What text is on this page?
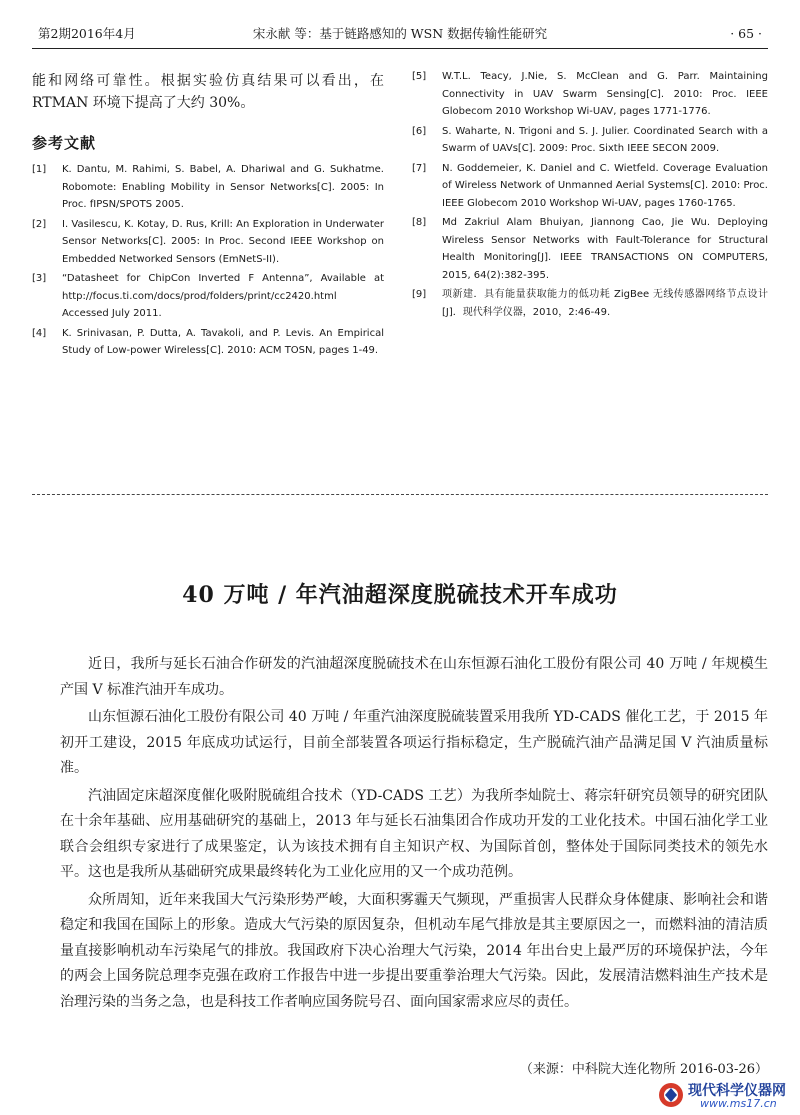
第2期2016年4月	宋永献 等：基于链路感知的 WSN 数据传输性能研究	· 65 ·

能和网络可靠性。根据实验仿真结果可以看出，在 RTMAN 环境下提高了大约 30%。

参考文献
[1] K. Dantu, M. Rahimi, S. Babel, A. Dhariwal and G. Sukhatme. Robomote: Enabling Mobility in Sensor Networks[C]. 2005: In Proc. fIPSN/SPOTS 2005.
[2] I. Vasilescu, K. Kotay, D. Rus, Krill: An Exploration in Underwater Sensor Networks[C]. 2005: In Proc. Second IEEE Workshop on Embedded Networked Sensors (EmNetS-II).
[3] “Datasheet for ChipCon Inverted F Antenna”, Available at http://focus.ti.com/docs/prod/folders/print/cc2420.html Accessed July 2011.
[4] K. Srinivasan, P. Dutta, A. Tavakoli, and P. Levis. An Empirical Study of Low-power Wireless[C]. 2010: ACM TOSN, pages 1-49.
[5] W.T.L. Teacy, J.Nie, S. McClean and G. Parr. Maintaining Connectivity in UAV Swarm Sensing[C]. 2010: Proc. IEEE Globecom 2010 Workshop Wi-UAV, pages 1771-1776.
[6] S. Waharte, N. Trigoni and S. J. Julier. Coordinated Search with a Swarm of UAVs[C]. 2009: Proc. Sixth IEEE SECON 2009.
[7] N. Goddemeier, K. Daniel and C. Wietfeld. Coverage Evaluation of Wireless Network of Unmanned Aerial Systems[C]. 2010: Proc. IEEE Globecom 2010 Workshop Wi-UAV, pages 1760-1765.
[8] Md Zakriul Alam Bhuiyan, Jiannong Cao, Jie Wu. Deploying Wireless Sensor Networks with Fault-Tolerance for Structural Health Monitoring[J]. IEEE TRANSACTIONS ON COMPUTERS, 2015, 64(2):382-395.
[9] 项新建．具有能量获取能力的低功耗 ZigBee 无线传感器网络节点设计 [J]．现代科学仪器，2010，2:46-49.
40 万吨 / 年汽油超深度脱硫技术开车成功

近日，我所与延长石油合作研发的汽油超深度脱硫技术在山东恒源石油化工股份有限公司 40 万吨 / 年规模生产国 V 标准汽油开车成功。

山东恒源石油化工股份有限公司 40 万吨 / 年重汽油深度脱硫装置采用我所 YD-CADS 催化工艺，于 2015 年初开工建设，2015 年底成功试运行，目前全部装置各项运行指标稳定，生产脱硫汽油产品满足国 V 汽油质量标准。

汽油固定床超深度催化吸附脱硫组合技术（YD-CADS 工艺）为我所李灿院士、蒋宗轩研究员领导的研究团队在十余年基础、应用基础研究的基础上，2013 年与延长石油集团合作成功开发的工业化技术。中国石油化学工业联合会组织专家进行了成果鉴定，认为该技术拥有自主知识产权、为国际首创，整体处于国际同类技术的领先水平。这也是我所从基础研究成果最终转化为工业化应用的又一个成功范例。

众所周知，近年来我国大气污染形势严峻，大面积雾霾天气频现，严重损害人民群众身体健康、影响社会和谐稳定和我国在国际上的形象。造成大气污染的原因复杂，但机动车尾气排放是其主要原因之一，而燃料油的清洁质量直接影响机动车污染尾气的排放。我国政府下决心治理大气污染，2014 年出台史上最严厉的环境保护法，今年的两会上国务院总理李克强在政府工作报告中进一步提出要重拳治理大气污染。因此，发展清洁燃料油生产技术是治理污染的当务之急，也是科技工作者响应国务院号召、面向国家需求应尽的责任。

（来源：中科院大连化物所 2016-03-26）
现代科学仪器网
www.ms17.cn
